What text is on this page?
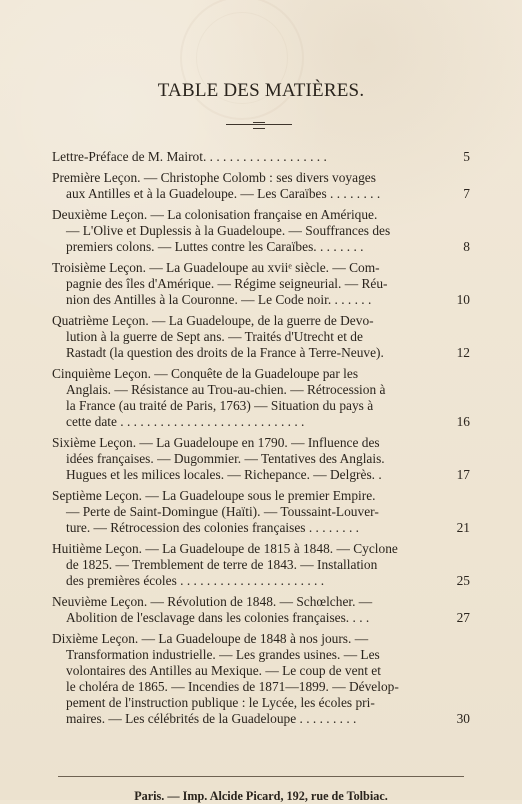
TABLE DES MATIÈRES.
Lettre-Préface de M. Mairot. . . . . . . . . . . . . . . . . . .	5
Première Leçon. — Christophe Colomb : ses divers voyages
aux Antilles et à la Guadeloupe. — Les Caraïbes . . . . . . . .	7
Deuxième Leçon. — La colonisation française en Amérique.
— L'Olive et Duplessis à la Guadeloupe. — Souffrances des
premiers colons. — Luttes contre les Caraïbes. . . . . . . .	8
Troisième Leçon. — La Guadeloupe au xviiᵉ siècle. — Com-
pagnie des îles d'Amérique. — Régime seigneurial. — Réu-
nion des Antilles à la Couronne. — Le Code noir. . . . . . .	10
Quatrième Leçon. — La Guadeloupe, de la guerre de Devo-
lution à la guerre de Sept ans. — Traités d'Utrecht et de
Rastadt (la question des droits de la France à Terre-Neuve).	12
Cinquième Leçon. — Conquête de la Guadeloupe par les
Anglais. — Résistance au Trou-au-chien. — Rétrocession à
la France (au traité de Paris, 1763) — Situation du pays à
cette date . . . . . . . . . . . . . . . . . . . . . . . . . . . .	16
Sixième Leçon. — La Guadeloupe en 1790. — Influence des
idées françaises. — Dugommier. — Tentatives des Anglais.
Hugues et les milices locales. — Richepance. — Delgrès. .	17
Septième Leçon. — La Guadeloupe sous le premier Empire.
— Perte de Saint-Domingue (Haïti). — Toussaint-Louver-
ture. — Rétrocession des colonies françaises . . . . . . . .	21
Huitième Leçon. — La Guadeloupe de 1815 à 1848. — Cyclone
de 1825. — Tremblement de terre de 1843. — Installation
des premières écoles . . . . . . . . . . . . . . . . . . . . . .	25
Neuvième Leçon. — Révolution de 1848. — Schœlcher. —
Abolition de l'esclavage dans les colonies françaises. . . .	27
Dixième Leçon. — La Guadeloupe de 1848 à nos jours. —
Transformation industrielle. — Les grandes usines. — Les
volontaires des Antilles au Mexique. — Le coup de vent et
le choléra de 1865. — Incendies de 1871—1899. — Dévelop-
pement de l'instruction publique : le Lycée, les écoles pri-
maires. — Les célébrités de la Guadeloupe . . . . . . . . .	30
Paris. — Imp. Alcide Picard, 192, rue de Tolbiac.
